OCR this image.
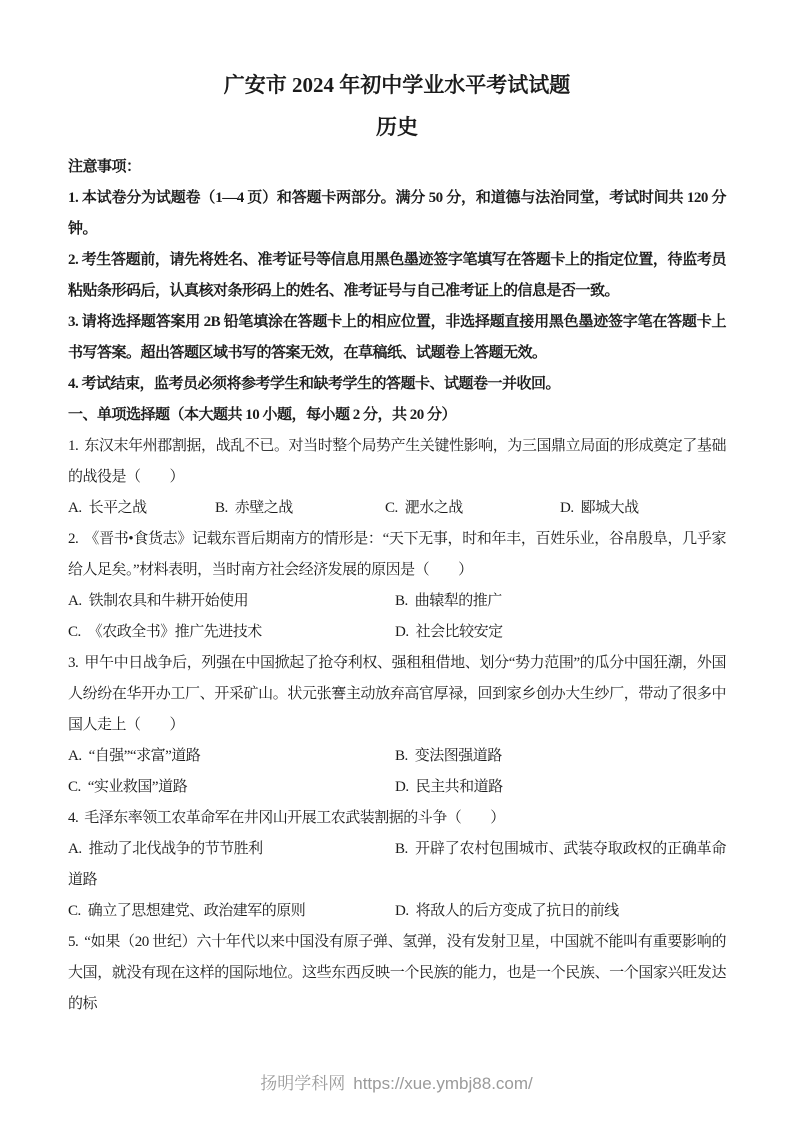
广安市 2024 年初中学业水平考试试题
历史
注意事项：
1. 本试卷分为试题卷（1—4 页）和答题卡两部分。满分 50 分，和道德与法治同堂，考试时间共 120 分钟。
2. 考生答题前，请先将姓名、准考证号等信息用黑色墨迹签字笔填写在答题卡上的指定位置，待监考员粘贴条形码后，认真核对条形码上的姓名、准考证号与自己准考证上的信息是否一致。
3. 请将选择题答案用 2B 铅笔填涂在答题卡上的相应位置，非选择题直接用黑色墨迹签字笔在答题卡上书写答案。超出答题区域书写的答案无效，在草稿纸、试题卷上答题无效。
4. 考试结束，监考员必须将参考学生和缺考学生的答题卡、试题卷一并收回。
一、单项选择题（本大题共 10 小题，每小题 2 分，共 20 分）
1. 东汉末年州郡割据，战乱不已。对当时整个局势产生关键性影响，为三国鼎立局面的形成奠定了基础的战役是（　　）
A. 长平之战	B. 赤壁之战	C. 淝水之战	D. 郾城大战
2. 《晋书•食货志》记载东晋后期南方的情形是：“天下无事，时和年丰，百姓乐业，谷帛殷阜，几乎家给人足矣。”材料表明，当时南方社会经济发展的原因是（　　）
A. 铁制农具和牛耕开始使用	B. 曲辕犁的推广
C. 《农政全书》推广先进技术	D. 社会比较安定
3. 甲午中日战争后，列强在中国掀起了抢夺利权、强租租借地、划分“势力范围”的瓜分中国狂潮，外国人纷纷在华开办工厂、开采矿山。状元张謇主动放弃高官厚禄，回到家乡创办大生纱厂，带动了很多中国人走上（　　）
A. “自强”“求富”道路	B. 变法图强道路
C. “实业救国”道路	D. 民主共和道路
4. 毛泽东率领工农革命军在井冈山开展工农武装割据的斗争（　　）
A. 推动了北伐战争的节节胜利	B. 开辟了农村包围城市、武装夺取政权的正确革命道路
C. 确立了思想建党、政治建军的原则	D. 将敌人的后方变成了抗日的前线
5. “如果（20 世纪）六十年代以来中国没有原子弹、氢弹，没有发射卫星，中国就不能叫有重要影响的大国，就没有现在这样的国际地位。这些东西反映一个民族的能力，也是一个民族、一个国家兴旺发达的标
扬明学科网 https://xue.ymbj88.com/
